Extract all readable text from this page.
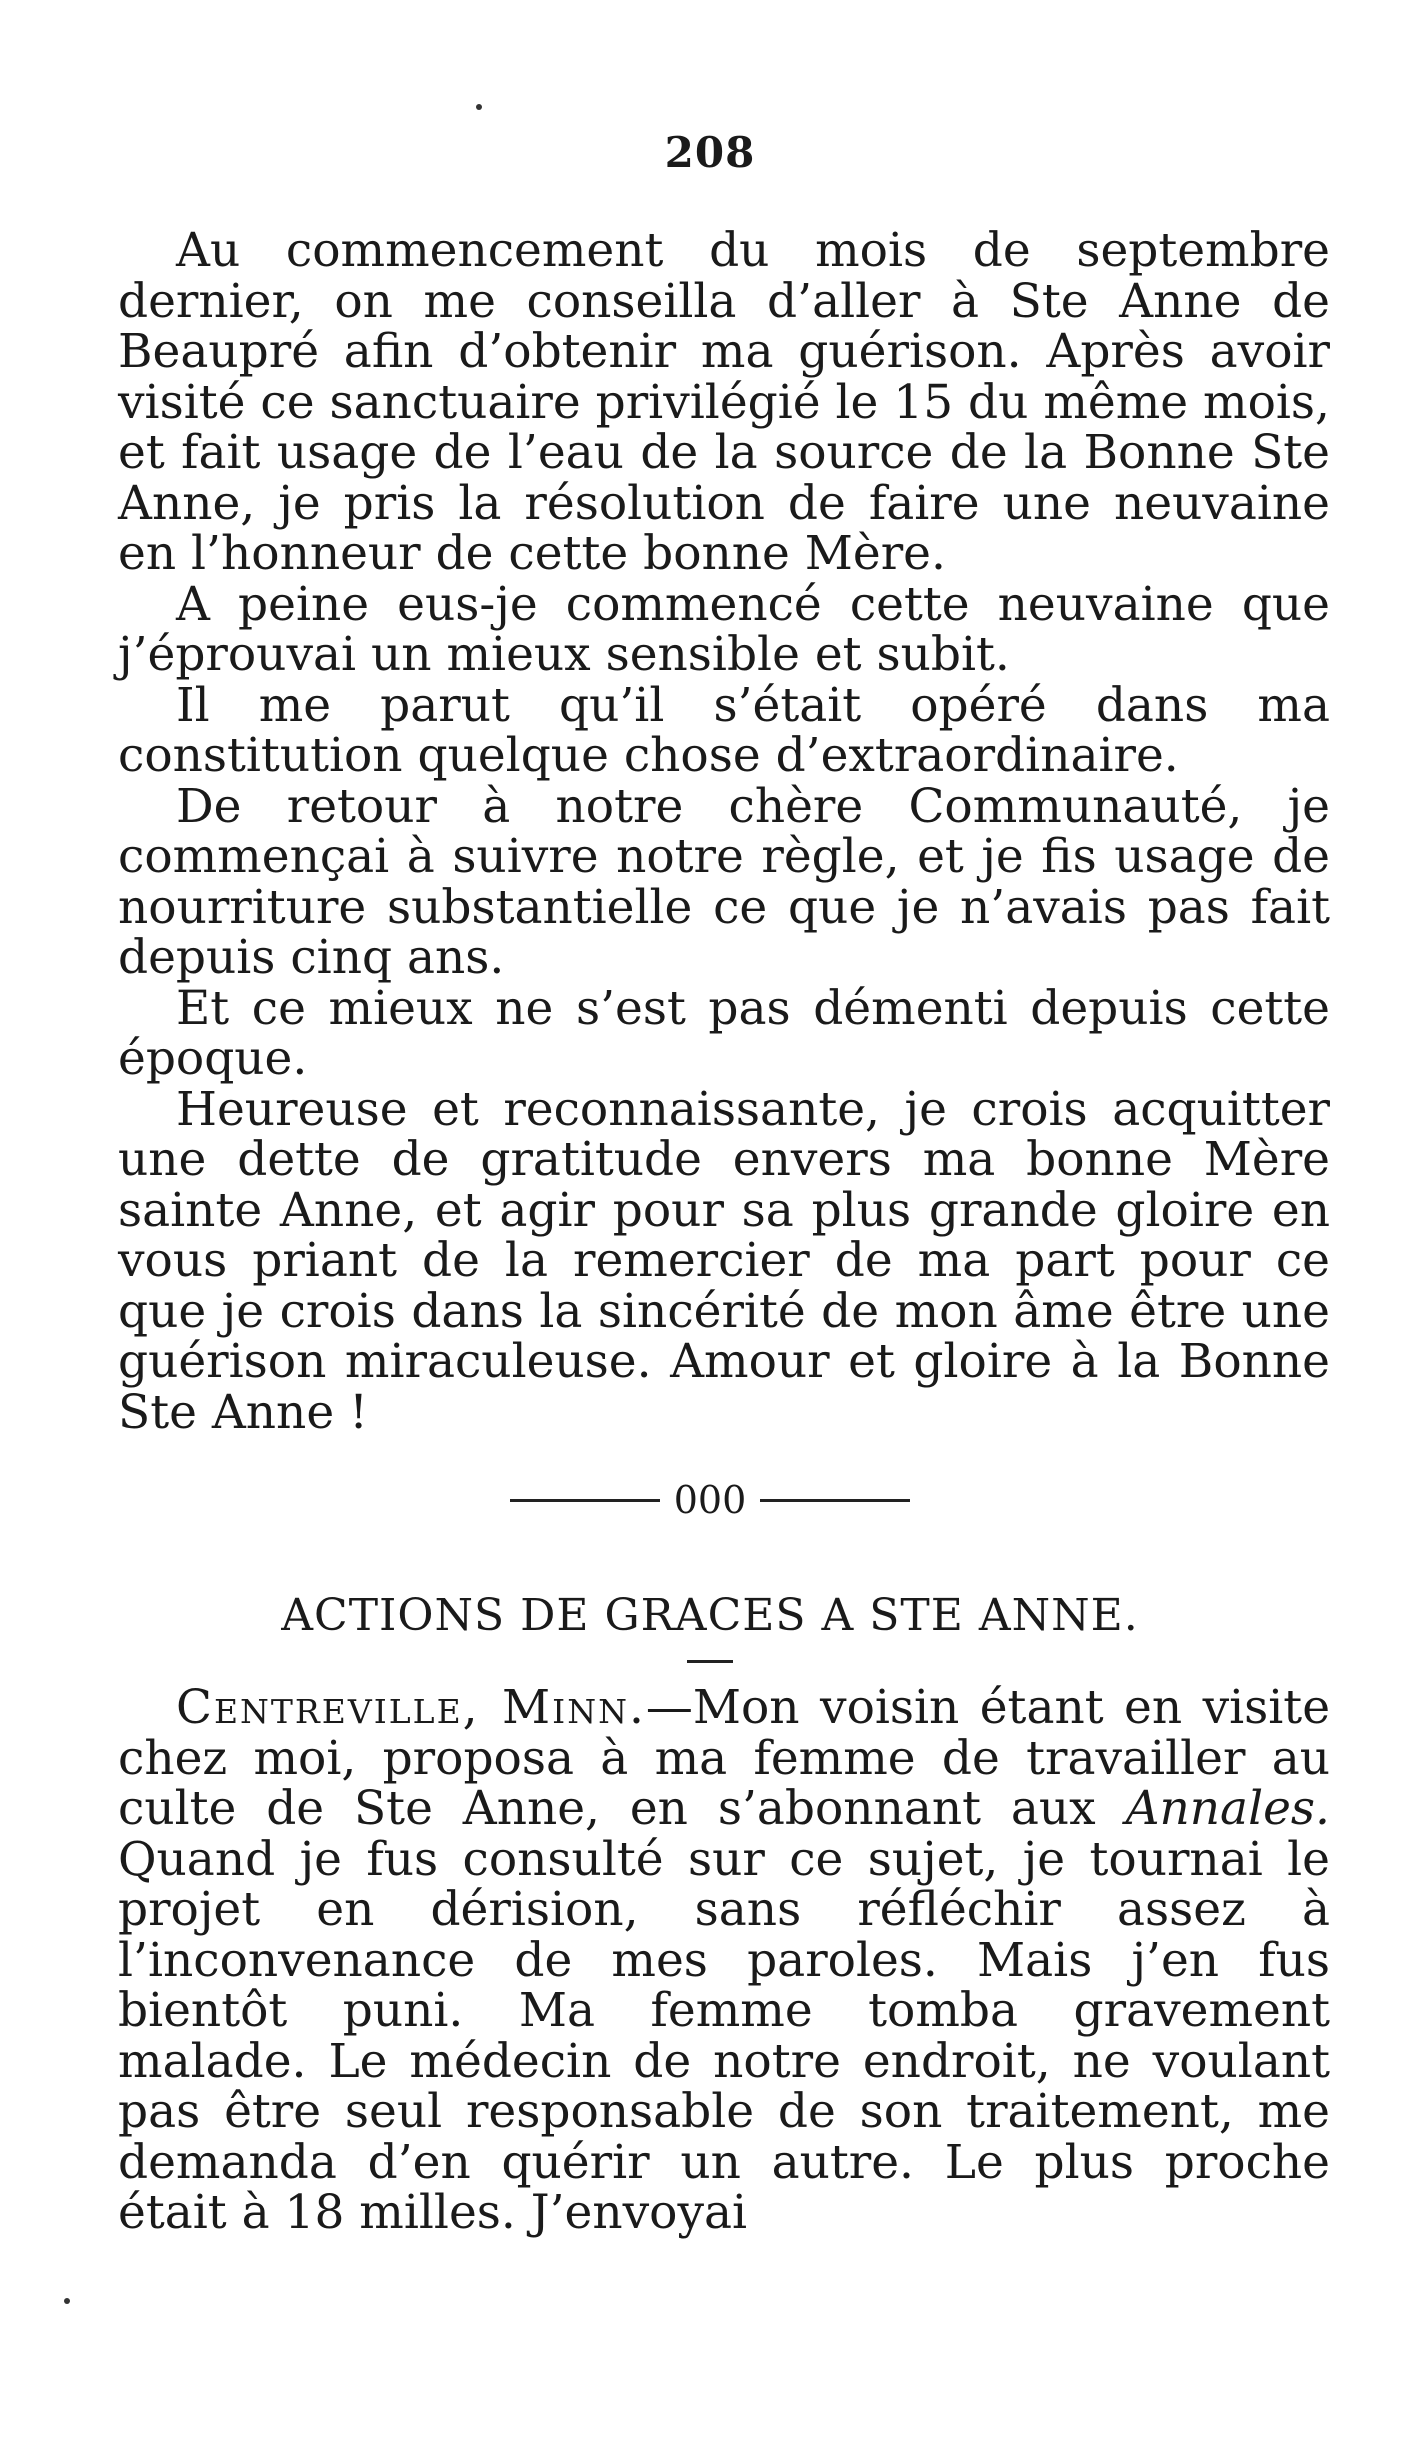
208

Au commencement du mois de septembre dernier, on me conseilla d’aller à Ste Anne de Beaupré afin d’obtenir ma guérison. Après avoir visité ce sanctuaire privilégié le 15 du même mois, et fait usage de l’eau de la source de la Bonne Ste Anne, je pris la résolution de faire une neuvaine en l’honneur de cette bonne Mère.

A peine eus-je commencé cette neuvaine que j’éprouvai un mieux sensible et subit.

Il me parut qu’il s’était opéré dans ma constitution quelque chose d’extraordinaire.

De retour à notre chère Communauté, je commençai à suivre notre règle, et je fis usage de nourriture substantielle ce que je n’avais pas fait depuis cinq ans.

Et ce mieux ne s’est pas démenti depuis cette époque.

Heureuse et reconnaissante, je crois acquitter une dette de gratitude envers ma bonne Mère sainte Anne, et agir pour sa plus grande gloire en vous priant de la remercier de ma part pour ce que je crois dans la sincérité de mon âme être une guérison miraculeuse. Amour et gloire à la Bonne Ste Anne !

000
ACTIONS DE GRACES A STE ANNE.

Centreville, Minn.—Mon voisin étant en visite chez moi, proposa à ma femme de travailler au culte de Ste Anne, en s’abonnant aux Annales. Quand je fus consulté sur ce sujet, je tournai le projet en dérision, sans réfléchir assez à l’inconvenance de mes paroles. Mais j’en fus bientôt puni. Ma femme tomba gravement malade. Le médecin de notre endroit, ne voulant pas être seul responsable de son traitement, me demanda d’en quérir un autre. Le plus proche était à 18 milles. J’envoyai
